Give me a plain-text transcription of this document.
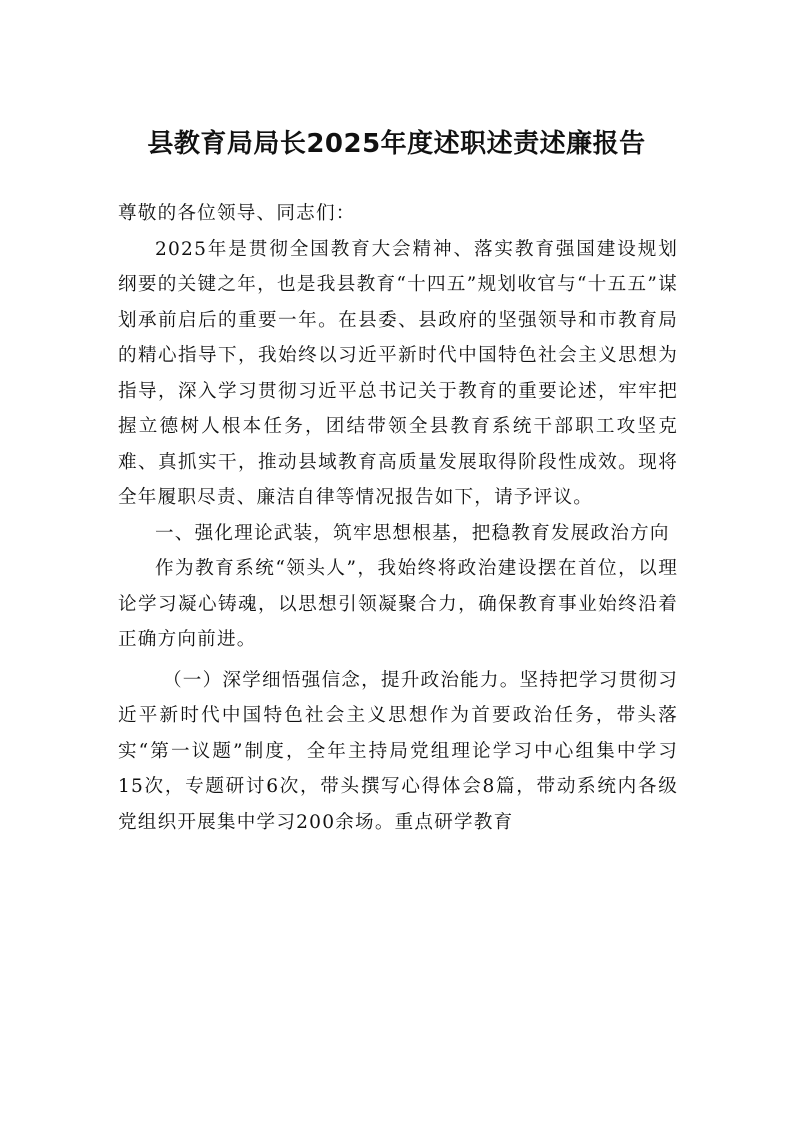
县教育局局长2025年度述职述责述廉报告

尊敬的各位领导、同志们：

2025年是贯彻全国教育大会精神、落实教育强国建设规划纲要的关键之年，也是我县教育“十四五”规划收官与“十五五”谋划承前启后的重要一年。在县委、县政府的坚强领导和市教育局的精心指导下，我始终以习近平新时代中国特色社会主义思想为指导，深入学习贯彻习近平总书记关于教育的重要论述，牢牢把握立德树人根本任务，团结带领全县教育系统干部职工攻坚克难、真抓实干，推动县域教育高质量发展取得阶段性成效。现将全年履职尽责、廉洁自律等情况报告如下，请予评议。

一、强化理论武装，筑牢思想根基，把稳教育发展政治方向

作为教育系统“领头人”，我始终将政治建设摆在首位，以理论学习凝心铸魂，以思想引领凝聚合力，确保教育事业始终沿着正确方向前进。

（一）深学细悟强信念，提升政治能力。坚持把学习贯彻习近平新时代中国特色社会主义思想作为首要政治任务，带头落实“第一议题”制度，全年主持局党组理论学习中心组集中学习15次，专题研讨6次，带头撰写心得体会8篇，带动系统内各级党组织开展集中学习200余场。重点研学教育
